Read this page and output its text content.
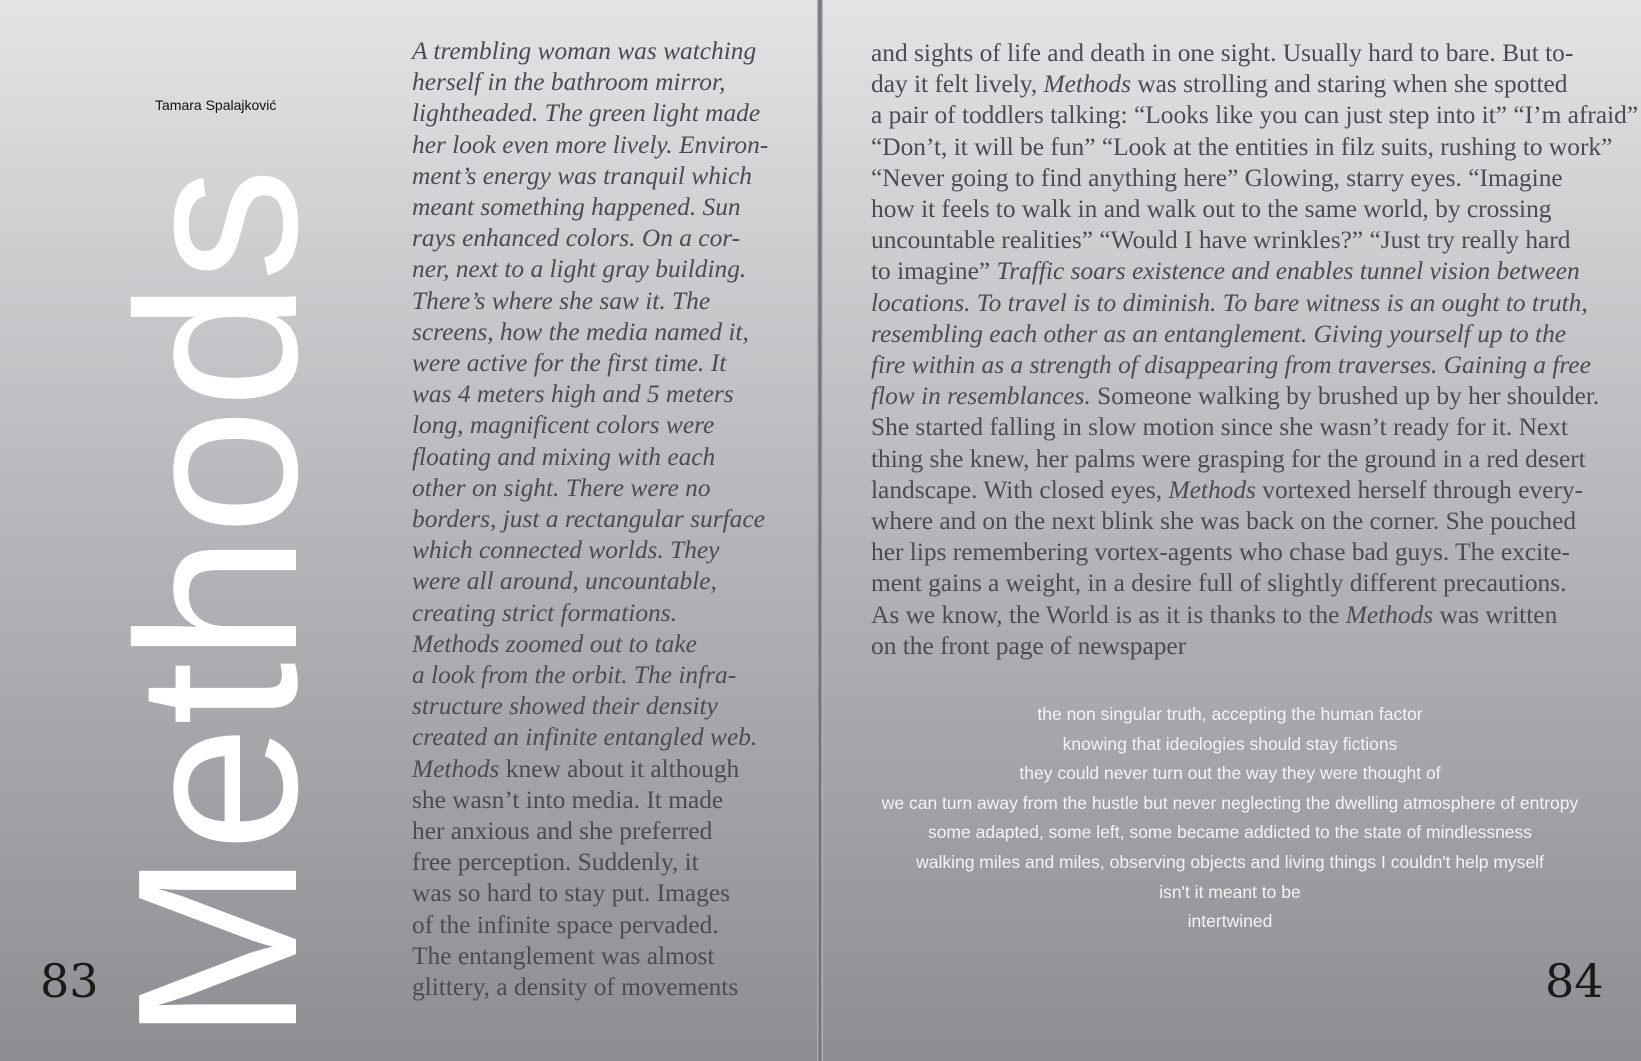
Tamara Spalajković
Methods
83	84
A trembling woman was watching
herself in the bathroom mirror,
lightheaded. The green light made
her look even more lively. Environ-
ment’s energy was tranquil which
meant something happened. Sun
rays enhanced colors. On a cor-
ner, next to a light gray building.
There’s where she saw it. The
screens, how the media named it,
were active for the first time. It
was 4 meters high and 5 meters
long, magnificent colors were
floating and mixing with each
other on sight. There were no
borders, just a rectangular surface
which connected worlds. They
were all around, uncountable,
creating strict formations.
Methods zoomed out to take
a look from the orbit. The infra-
structure showed their density
created an infinite entangled web.
Methods knew about it although
she wasn’t into media. It made
her anxious and she preferred
free perception. Suddenly, it
was so hard to stay put. Images
of the infinite space pervaded.
The entanglement was almost
glittery, a density of movements
and sights of life and death in one sight. Usually hard to bare. But to-
day it felt lively, Methods was strolling and staring when she spotted
a pair of toddlers talking: “Looks like you can just step into it” “I’m afraid”
“Don’t, it will be fun” “Look at the entities in filz suits, rushing to work”
“Never going to find anything here” Glowing, starry eyes. “Imagine
how it feels to walk in and walk out to the same world, by crossing
uncountable realities” “Would I have wrinkles?” “Just try really hard
to imagine” Traffic soars existence and enables tunnel vision between
locations. To travel is to diminish. To bare witness is an ought to truth,
resembling each other as an entanglement. Giving yourself up to the
fire within as a strength of disappearing from traverses. Gaining a free
flow in resemblances. Someone walking by brushed up by her shoulder.
She started falling in slow motion since she wasn’t ready for it. Next
thing she knew, her palms were grasping for the ground in a red desert
landscape. With closed eyes, Methods vortexed herself through every-
where and on the next blink she was back on the corner. She pouched
her lips remembering vortex-agents who chase bad guys. The excite-
ment gains a weight, in a desire full of slightly different precautions.
As we know, the World is as it is thanks to the Methods was written
on the front page of newspaper
the non singular truth, accepting the human factor
knowing that ideologies should stay fictions
they could never turn out the way they were thought of
we can turn away from the hustle but never neglecting the dwelling atmosphere of entropy
some adapted, some left, some became addicted to the state of mindlessness
walking miles and miles, observing objects and living things I couldn't help myself
isn't it meant to be
intertwined
